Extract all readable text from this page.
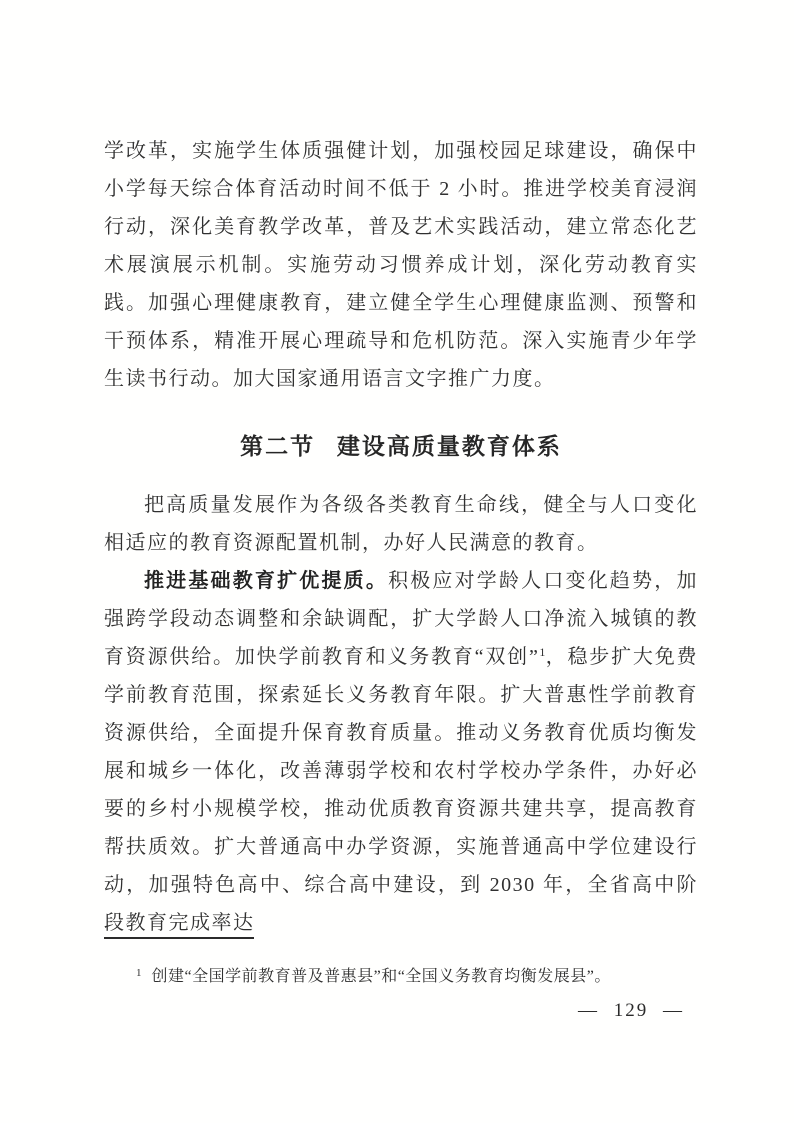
学改革，实施学生体质强健计划，加强校园足球建设，确保中小学每天综合体育活动时间不低于 2 小时。推进学校美育浸润行动，深化美育教学改革，普及艺术实践活动，建立常态化艺术展演展示机制。实施劳动习惯养成计划，深化劳动教育实践。加强心理健康教育，建立健全学生心理健康监测、预警和干预体系，精准开展心理疏导和危机防范。深入实施青少年学生读书行动。加大国家通用语言文字推广力度。

第二节 建设高质量教育体系

把高质量发展作为各级各类教育生命线，健全与人口变化相适应的教育资源配置机制，办好人民满意的教育。

推进基础教育扩优提质。积极应对学龄人口变化趋势，加强跨学段动态调整和余缺调配，扩大学龄人口净流入城镇的教育资源供给。加快学前教育和义务教育“双创”$^1$，稳步扩大免费学前教育范围，探索延长义务教育年限。扩大普惠性学前教育资源供给，全面提升保育教育质量。推动义务教育优质均衡发展和城乡一体化，改善薄弱学校和农村学校办学条件，办好必要的乡村小规模学校，推动优质教育资源共建共享，提高教育帮扶质效。扩大普通高中办学资源，实施普通高中学位建设行动，加强特色高中、综合高中建设，到 2030 年，全省高中阶段教育完成率达

$^1$ 创建“全国学前教育普及普惠县”和“全国义务教育均衡发展县”。
— 129 —
